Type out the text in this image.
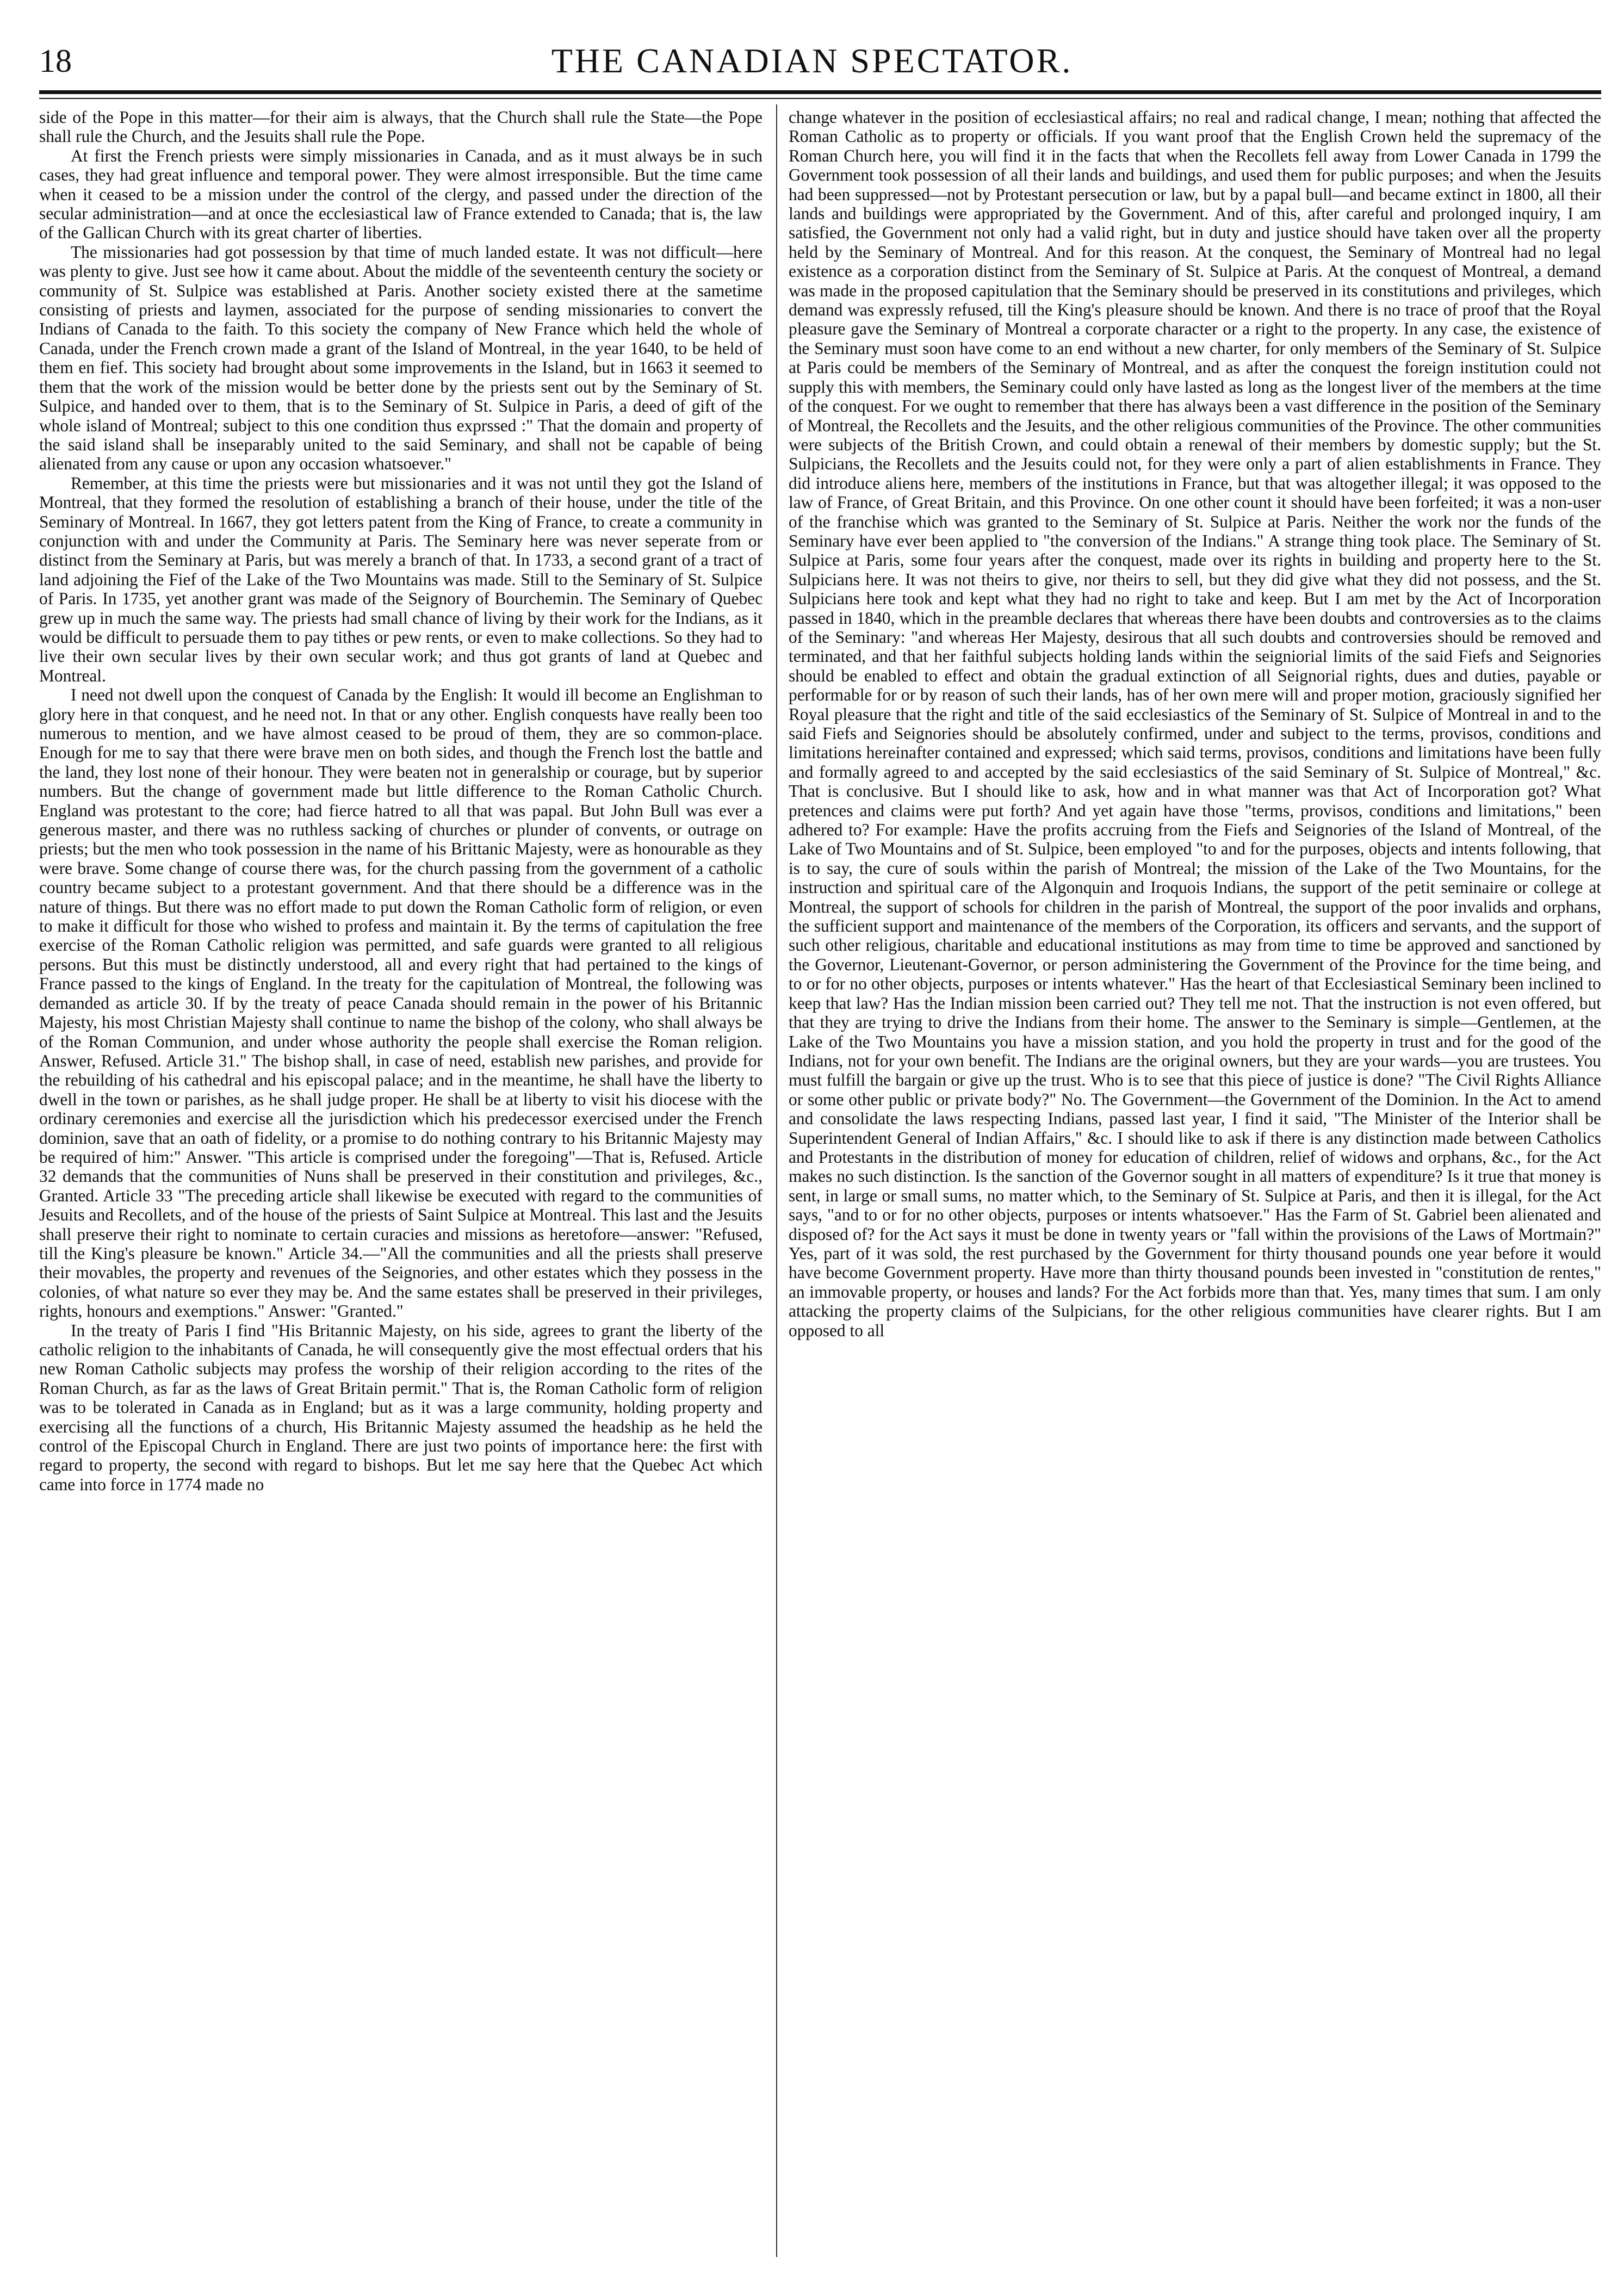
18	THE CANADIAN SPECTATOR.

side of the Pope in this matter—for their aim is always, that the Church shall rule the State—the Pope shall rule the Church, and the Jesuits shall rule the Pope.

At first the French priests were simply missionaries in Canada, and as it must always be in such cases, they had great influence and temporal power. They were almost irresponsible. But the time came when it ceased to be a mission under the control of the clergy, and passed under the direction of the secular administration—and at once the ecclesiastical law of France extended to Canada; that is, the law of the Gallican Church with its great charter of liberties.

The missionaries had got possession by that time of much landed estate. It was not difficult—here was plenty to give. Just see how it came about. About the middle of the seventeenth century the society or community of St. Sulpice was established at Paris. Another society existed there at the sametime consisting of priests and laymen, associated for the purpose of sending missionaries to convert the Indians of Canada to the faith. To this society the company of New France which held the whole of Canada, under the French crown made a grant of the Island of Montreal, in the year 1640, to be held of them en fief. This society had brought about some improvements in the Island, but in 1663 it seemed to them that the work of the mission would be better done by the priests sent out by the Seminary of St. Sulpice, and handed over to them, that is to the Seminary of St. Sulpice in Paris, a deed of gift of the whole island of Montreal; subject to this one condition thus exprssed :" That the domain and property of the said island shall be inseparably united to the said Seminary, and shall not be capable of being alienated from any cause or upon any occasion whatsoever."

Remember, at this time the priests were but missionaries and it was not until they got the Island of Montreal, that they formed the resolution of establishing a branch of their house, under the title of the Seminary of Montreal. In 1667, they got letters patent from the King of France, to create a community in conjunction with and under the Community at Paris. The Seminary here was never seperate from or distinct from the Seminary at Paris, but was merely a branch of that. In 1733, a second grant of a tract of land adjoining the Fief of the Lake of the Two Mountains was made. Still to the Seminary of St. Sulpice of Paris. In 1735, yet another grant was made of the Seignory of Bourchemin. The Seminary of Quebec grew up in much the same way. The priests had small chance of living by their work for the Indians, as it would be difficult to persuade them to pay tithes or pew rents, or even to make collections. So they had to live their own secular lives by their own secular work; and thus got grants of land at Quebec and Montreal.

I need not dwell upon the conquest of Canada by the English: It would ill become an Englishman to glory here in that conquest, and he need not. In that or any other. English conquests have really been too numerous to mention, and we have almost ceased to be proud of them, they are so common-place. Enough for me to say that there were brave men on both sides, and though the French lost the battle and the land, they lost none of their honour. They were beaten not in generalship or courage, but by superior numbers. But the change of government made but little difference to the Roman Catholic Church. England was protestant to the core; had fierce hatred to all that was papal. But John Bull was ever a generous master, and there was no ruthless sacking of churches or plunder of convents, or outrage on priests; but the men who took possession in the name of his Brittanic Majesty, were as honourable as they were brave. Some change of course there was, for the church passing from the government of a catholic country became subject to a protestant government. And that there should be a difference was in the nature of things. But there was no effort made to put down the Roman Catholic form of religion, or even to make it difficult for those who wished to profess and maintain it. By the terms of capitulation the free exercise of the Roman Catholic religion was permitted, and safe guards were granted to all religious persons. But this must be distinctly understood, all and every right that had pertained to the kings of France passed to the kings of England. In the treaty for the capitulation of Montreal, the following was demanded as article 30. If by the treaty of peace Canada should remain in the power of his Britannic Majesty, his most Christian Majesty shall continue to name the bishop of the colony, who shall always be of the Roman Communion, and under whose authority the people shall exercise the Roman religion. Answer, Refused. Article 31." The bishop shall, in case of need, establish new parishes, and provide for the rebuilding of his cathedral and his episcopal palace; and in the meantime, he shall have the liberty to dwell in the town or parishes, as he shall judge proper. He shall be at liberty to visit his diocese with the ordinary ceremonies and exercise all the jurisdiction which his predecessor exercised under the French dominion, save that an oath of fidelity, or a promise to do nothing contrary to his Britannic Majesty may be required of him:" Answer. "This article is comprised under the foregoing"—That is, Refused. Article 32 demands that the communities of Nuns shall be preserved in their constitution and privileges, &c., Granted. Article 33 "The preceding article shall likewise be executed with regard to the communities of Jesuits and Recollets, and of the house of the priests of Saint Sulpice at Montreal. This last and the Jesuits shall preserve their right to nominate to certain curacies and missions as heretofore—answer: "Refused, till the King's pleasure be known." Article 34.—"All the communities and all the priests shall preserve their movables, the property and revenues of the Seignories, and other estates which they possess in the colonies, of what nature so ever they may be. And the same estates shall be preserved in their privileges, rights, honours and exemptions." Answer: "Granted."

In the treaty of Paris I find "His Britannic Majesty, on his side, agrees to grant the liberty of the catholic religion to the inhabitants of Canada, he will consequently give the most effectual orders that his new Roman Catholic subjects may profess the worship of their religion according to the rites of the Roman Church, as far as the laws of Great Britain permit." That is, the Roman Catholic form of religion was to be tolerated in Canada as in England; but as it was a large community, holding property and exercising all the functions of a church, His Britannic Majesty assumed the headship as he held the control of the Episcopal Church in England. There are just two points of importance here: the first with regard to property, the second with regard to bishops. But let me say here that the Quebec Act which came into force in 1774 made no

change whatever in the position of ecclesiastical affairs; no real and radical change, I mean; nothing that affected the Roman Catholic as to property or officials. If you want proof that the English Crown held the supremacy of the Roman Church here, you will find it in the facts that when the Recollets fell away from Lower Canada in 1799 the Government took possession of all their lands and buildings, and used them for public purposes; and when the Jesuits had been suppressed—not by Protestant persecution or law, but by a papal bull—and became extinct in 1800, all their lands and buildings were appropriated by the Government. And of this, after careful and prolonged inquiry, I am satisfied, the Government not only had a valid right, but in duty and justice should have taken over all the property held by the Seminary of Montreal. And for this reason. At the conquest, the Seminary of Montreal had no legal existence as a corporation distinct from the Seminary of St. Sulpice at Paris. At the conquest of Montreal, a demand was made in the proposed capitulation that the Seminary should be preserved in its constitutions and privileges, which demand was expressly refused, till the King's pleasure should be known. And there is no trace of proof that the Royal pleasure gave the Seminary of Montreal a corporate character or a right to the property. In any case, the existence of the Seminary must soon have come to an end without a new charter, for only members of the Seminary of St. Sulpice at Paris could be members of the Seminary of Montreal, and as after the conquest the foreign institution could not supply this with members, the Seminary could only have lasted as long as the longest liver of the members at the time of the conquest. For we ought to remember that there has always been a vast difference in the position of the Seminary of Montreal, the Recollets and the Jesuits, and the other religious communities of the Province. The other communities were subjects of the British Crown, and could obtain a renewal of their members by domestic supply; but the St. Sulpicians, the Recollets and the Jesuits could not, for they were only a part of alien establishments in France. They did introduce aliens here, members of the institutions in France, but that was altogether illegal; it was opposed to the law of France, of Great Britain, and this Province. On one other count it should have been forfeited; it was a non-user of the franchise which was granted to the Seminary of St. Sulpice at Paris. Neither the work nor the funds of the Seminary have ever been applied to "the conversion of the Indians." A strange thing took place. The Seminary of St. Sulpice at Paris, some four years after the conquest, made over its rights in building and property here to the St. Sulpicians here. It was not theirs to give, nor theirs to sell, but they did give what they did not possess, and the St. Sulpicians here took and kept what they had no right to take and keep. But I am met by the Act of Incorporation passed in 1840, which in the preamble declares that whereas there have been doubts and controversies as to the claims of the Seminary: "and whereas Her Majesty, desirous that all such doubts and controversies should be removed and terminated, and that her faithful subjects holding lands within the seigniorial limits of the said Fiefs and Seignories should be enabled to effect and obtain the gradual extinction of all Seignorial rights, dues and duties, payable or performable for or by reason of such their lands, has of her own mere will and proper motion, graciously signified her Royal pleasure that the right and title of the said ecclesiastics of the Seminary of St. Sulpice of Montreal in and to the said Fiefs and Seignories should be absolutely confirmed, under and subject to the terms, provisos, conditions and limitations hereinafter contained and expressed; which said terms, provisos, conditions and limitations have been fully and formally agreed to and accepted by the said ecclesiastics of the said Seminary of St. Sulpice of Montreal," &c. That is conclusive. But I should like to ask, how and in what manner was that Act of Incorporation got? What pretences and claims were put forth? And yet again have those "terms, provisos, conditions and limitations," been adhered to? For example: Have the profits accruing from the Fiefs and Seignories of the Island of Montreal, of the Lake of Two Mountains and of St. Sulpice, been employed "to and for the purposes, objects and intents following, that is to say, the cure of souls within the parish of Montreal; the mission of the Lake of the Two Mountains, for the instruction and spiritual care of the Algonquin and Iroquois Indians, the support of the petit seminaire or college at Montreal, the support of schools for children in the parish of Montreal, the support of the poor invalids and orphans, the sufficient support and maintenance of the members of the Corporation, its officers and servants, and the support of such other religious, charitable and educational institutions as may from time to time be approved and sanctioned by the Governor, Lieutenant-Governor, or person administering the Government of the Province for the time being, and to or for no other objects, purposes or intents whatever." Has the heart of that Ecclesiastical Seminary been inclined to keep that law? Has the Indian mission been carried out? They tell me not. That the instruction is not even offered, but that they are trying to drive the Indians from their home. The answer to the Seminary is simple—Gentlemen, at the Lake of the Two Mountains you have a mission station, and you hold the property in trust and for the good of the Indians, not for your own benefit. The Indians are the original owners, but they are your wards—you are trustees. You must fulfill the bargain or give up the trust. Who is to see that this piece of justice is done? "The Civil Rights Alliance or some other public or private body?" No. The Government—the Government of the Dominion. In the Act to amend and consolidate the laws respecting Indians, passed last year, I find it said, "The Minister of the Interior shall be Superintendent General of Indian Affairs," &c. I should like to ask if there is any distinction made between Catholics and Protestants in the distribution of money for education of children, relief of widows and orphans, &c., for the Act makes no such distinction. Is the sanction of the Governor sought in all matters of expenditure? Is it true that money is sent, in large or small sums, no matter which, to the Seminary of St. Sulpice at Paris, and then it is illegal, for the Act says, "and to or for no other objects, purposes or intents whatsoever." Has the Farm of St. Gabriel been alienated and disposed of? for the Act says it must be done in twenty years or "fall within the provisions of the Laws of Mortmain?" Yes, part of it was sold, the rest purchased by the Government for thirty thousand pounds one year before it would have become Government property. Have more than thirty thousand pounds been invested in "constitution de rentes," an immovable property, or houses and lands? For the Act forbids more than that. Yes, many times that sum. I am only attacking the property claims of the Sulpicians, for the other religious communities have clearer rights. But I am opposed to all
